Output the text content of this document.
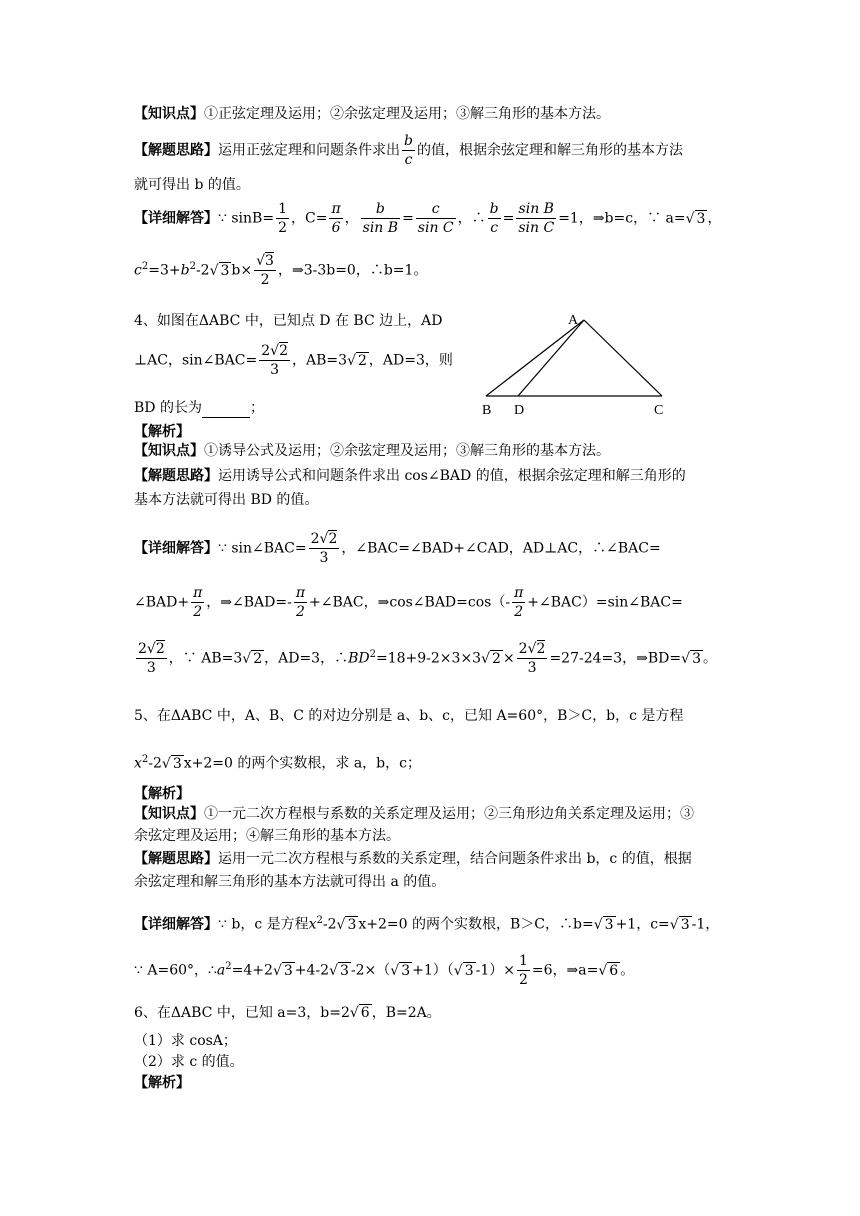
【知识点】①正弦定理及运用；②余弦定理及运用；③解三角形的基本方法。
【解题思路】运用正弦定理和问题条件求出 $\frac{b}{c}$ 的值，根据余弦定理和解三角形的基本方法
就可得出 b 的值。
【详细解答】∵ $\sin B= \frac{1}{2}$ ，$C= \frac{\pi}{6}$ ， $\frac{b}{\text{sin B}} = \frac{c}{\text{sin C}}$ ，∴ $\frac{b}{c} = \frac{\text{sin B}}{\text{sin C}} =1$，⇒b=c，∵ a=√ 3 ，
$c^2=3+b^2-2√$ 3 $b\times \frac{√3}{2}$ ，⇒3-3b=0，∴b=1。
4、如图在ΔABC 中，已知点 D 在 BC 边上，AD
⊥AC，sin∠BAC= $\frac{2√2}{3}$ ，AB=3√ 2 ，AD=3，则
BD 的长为	；
A
B D	C
【解析】
【知识点】①诱导公式及运用；②余弦定理及运用；③解三角形的基本方法。
【解题思路】运用诱导公式和问题条件求出 cos∠BAD 的值，根据余弦定理和解三角形的
基本方法就可得出 BD 的值。
【详细解答】∵ sin∠BAC= $\frac{2√2}{3}$ ，∠BAC=∠BAD+∠CAD，AD⊥AC，∴∠BAC=
∠BAD+ $\frac{\pi}{2}$ ，⇒∠BAD=- $\frac{\pi}{2}$ +∠BAC，⇒cos∠BAD=cos（- $\frac{\pi}{2}$ +∠BAC）=sin∠BAC=
$\frac{2√2}{3}$ ，∵ AB=3√ 2 ，AD=3，$\therefore BD^2=18+9-2\times 3\times 3√$ $2 \times \frac{2√2}{3} =27-24=3$，⇒BD=√ 3 。
5、在ΔABC 中，A、B、C 的对边分别是 a、b、c，已知 A=60°，B＞C，b，c 是方程
$x^2-2√$ 3 x+2=0 的两个实数根，求 a，b，c；
【解析】
【知识点】①一元二次方程根与系数的关系定理及运用；②三角形边角关系定理及运用；③
余弦定理及运用；④解三角形的基本方法。
【解题思路】运用一元二次方程根与系数的关系定理，结合问题条件求出 b，c 的值，根据
余弦定理和解三角形的基本方法就可得出 a 的值。
【详细解答】∵ b，c 是方程$x^2-2√$ 3 x+2=0 的两个实数根，B＞C，∴b=√ 3 +1，c=√ 3 -1，
∵ A=60°，$\therefore a^2=4+2√$ 3 +4-2√ 3 -2×（√ 3 +1）（√ 3 $-1)\times \frac{1}{2} =6$，⇒a=√ 6 。
6、在ΔABC 中，已知 a=3，b=2√ 6 ，B=2A。
（1）求 cosA；
（2）求 c 的值。
【解析】
